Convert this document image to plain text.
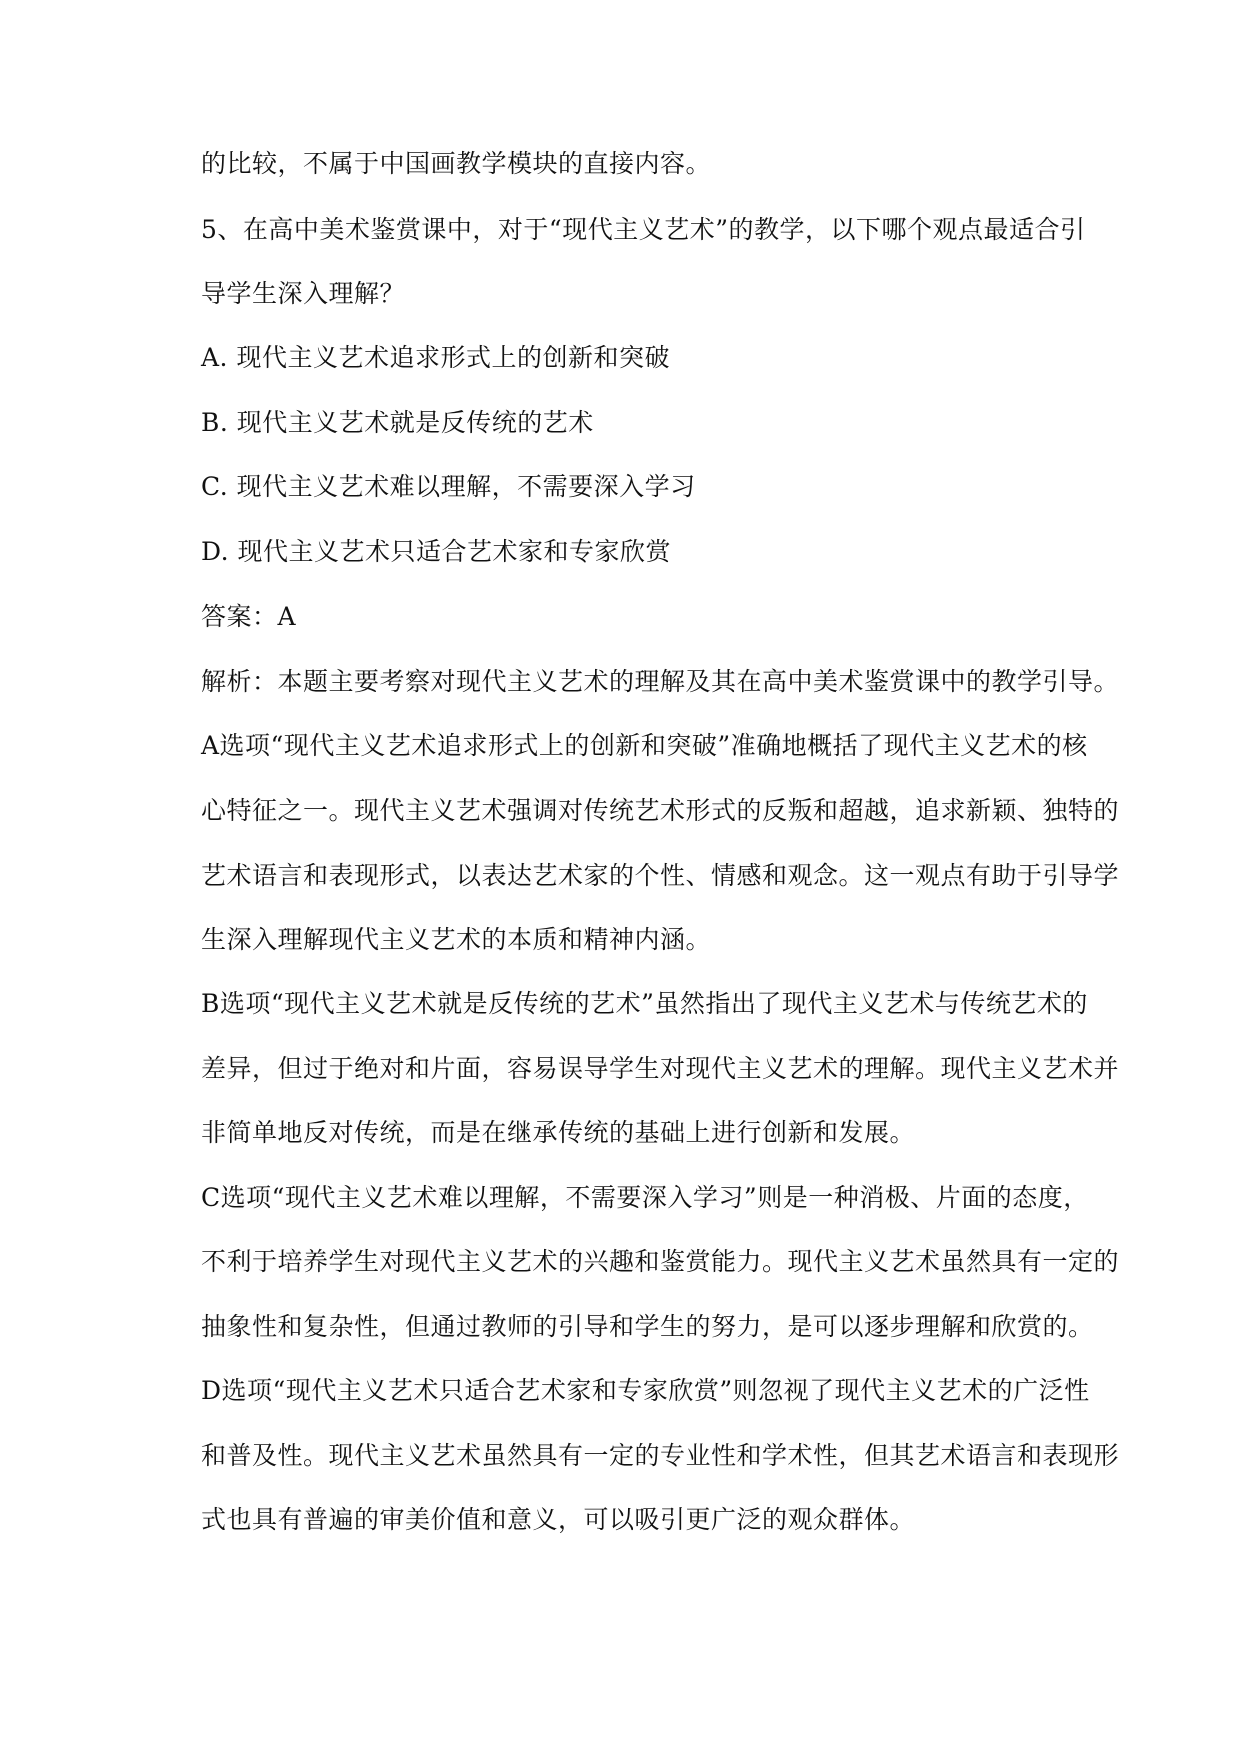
的比较，不属于中国画教学模块的直接内容。
5、在高中美术鉴赏课中，对于“现代主义艺术”的教学，以下哪个观点最适合引
导学生深入理解？
A. 现代主义艺术追求形式上的创新和突破
B. 现代主义艺术就是反传统的艺术
C. 现代主义艺术难以理解，不需要深入学习
D. 现代主义艺术只适合艺术家和专家欣赏
答案：A
解析：本题主要考察对现代主义艺术的理解及其在高中美术鉴赏课中的教学引导。
A选项“现代主义艺术追求形式上的创新和突破”准确地概括了现代主义艺术的核
心特征之一。现代主义艺术强调对传统艺术形式的反叛和超越，追求新颖、独特的
艺术语言和表现形式，以表达艺术家的个性、情感和观念。这一观点有助于引导学
生深入理解现代主义艺术的本质和精神内涵。
B选项“现代主义艺术就是反传统的艺术”虽然指出了现代主义艺术与传统艺术的
差异，但过于绝对和片面，容易误导学生对现代主义艺术的理解。现代主义艺术并
非简单地反对传统，而是在继承传统的基础上进行创新和发展。
C选项“现代主义艺术难以理解，不需要深入学习”则是一种消极、片面的态度，
不利于培养学生对现代主义艺术的兴趣和鉴赏能力。现代主义艺术虽然具有一定的
抽象性和复杂性，但通过教师的引导和学生的努力，是可以逐步理解和欣赏的。
D选项“现代主义艺术只适合艺术家和专家欣赏”则忽视了现代主义艺术的广泛性
和普及性。现代主义艺术虽然具有一定的专业性和学术性，但其艺术语言和表现形
式也具有普遍的审美价值和意义，可以吸引更广泛的观众群体。
